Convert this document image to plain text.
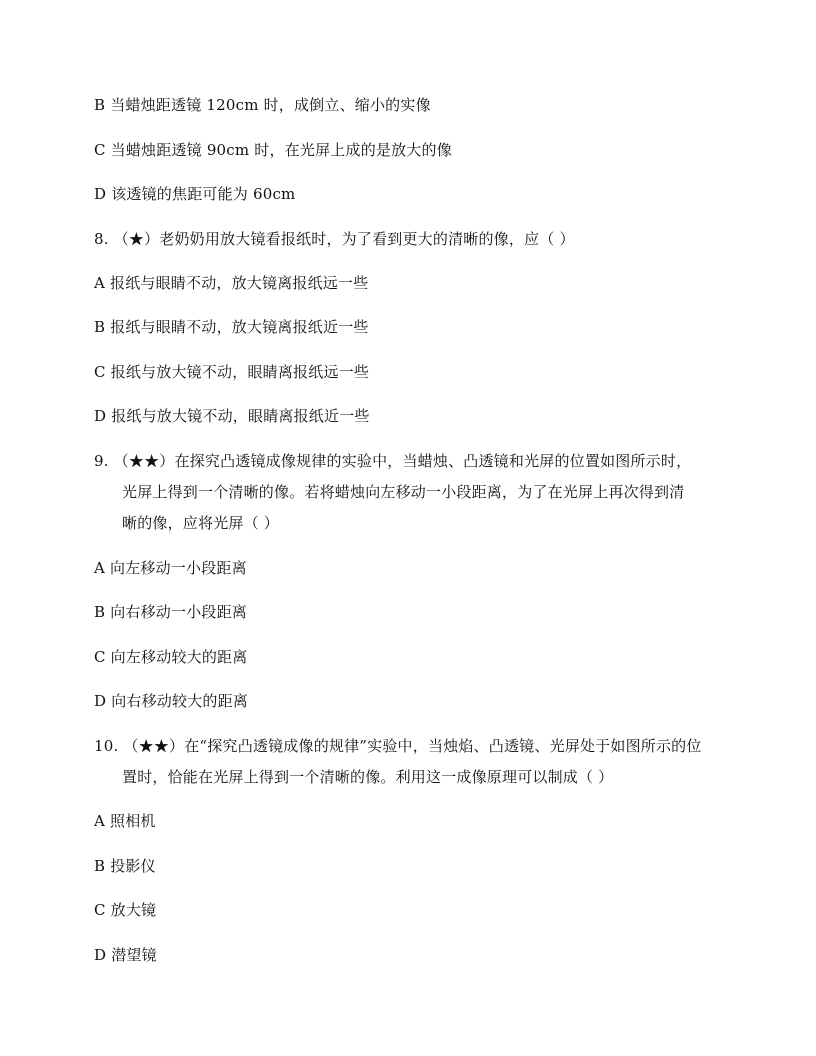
B 当蜡烛距透镜 120cm 时，成倒立、缩小的实像
C 当蜡烛距透镜 90cm 时，在光屏上成的是放大的像
D 该透镜的焦距可能为 60cm
8. （★）老奶奶用放大镜看报纸时，为了看到更大的清晰的像，应（ ）
A 报纸与眼睛不动，放大镜离报纸远一些
B 报纸与眼睛不动，放大镜离报纸近一些
C 报纸与放大镜不动，眼睛离报纸远一些
D 报纸与放大镜不动，眼睛离报纸近一些
9. （★★）在探究凸透镜成像规律的实验中，当蜡烛、凸透镜和光屏的位置如图所示时，
光屏上得到一个清晰的像。若将蜡烛向左移动一小段距离，为了在光屏上再次得到清
晰的像，应将光屏（ ）
A 向左移动一小段距离
B 向右移动一小段距离
C 向左移动较大的距离
D 向右移动较大的距离
10. （★★）在“探究凸透镜成像的规律”实验中，当烛焰、凸透镜、光屏处于如图所示的位
置时，恰能在光屏上得到一个清晰的像。利用这一成像原理可以制成（ ）
A 照相机
B 投影仪
C 放大镜
D 潜望镜
